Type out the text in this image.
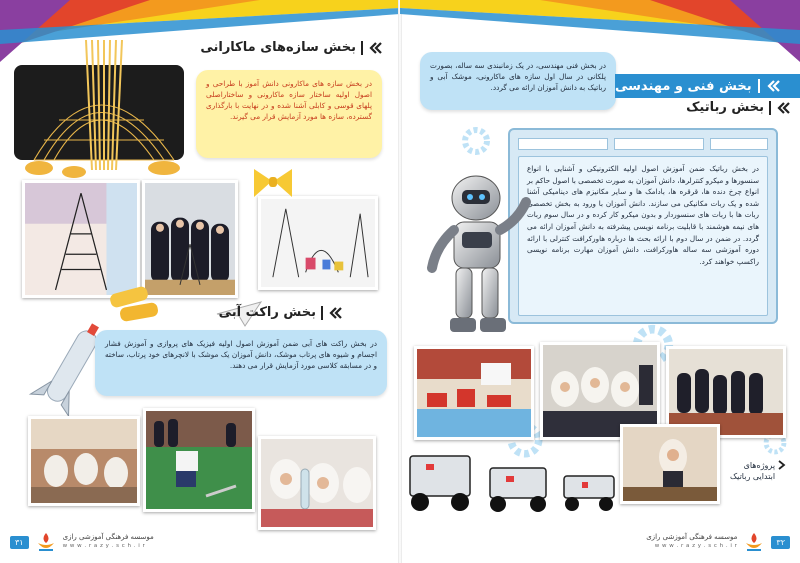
بخش سازه‌های ماکارانی
در بخش سازه های ماکارونی دانش آموز با طراحی و اصول اولیه ساختار سازه ماکارونی و ساختاراصلی پلهای قوسی و کابلی آشنا شده و در نهایت با بارگذاری گسترده، سازه ها مورد آزمایش قرار می گیرند.
بخش راکت آبی
در بخش راکت های آبی ضمن آموزش اصول اولیه فیزیک های پروازی و آموزش فشار اجسام و شیوه های پرتاب موشک، دانش آموزان یک موشک با لانچرهای خود پرتاب، ساخته و در مسابقه کلاسی مورد آزمایش قرار می دهند.
۳۱
موسسه فرهنگی آموزشی رازی
w w w . r a z y . s c h . i r
در بخش فنی مهندسی، در یک زمانبندی سه ساله، بصورت پلکانی در سال اول سازه های ماکارونی، موشک آبی و رباتیک به دانش آموزان ارائه می گردد. بخش فنی و مهندسی
بخش رباتیک
در بخش رباتیک ضمن آموزش اصول اولیه الکترونیکی و آشنایی با انواع سنسورها و میکرو کنترلرها، دانش آموزان به صورت تخصصی با اصول حاکم بر انواع چرخ دنده ها، قرقره ها، بادامک ها و سایر مکانیزم های دینامیکی آشنا شده و یک ربات مکانیکی می سازند. دانش آموزان با ورود به بخش تخصصی ربات ها با ربات های سنسوردار و بدون میکرو کار کرده و در سال سوم ربات های نیمه هوشمند با قابلیت برنامه نویسی پیشرفته به دانش آموزان ارائه می گردد. در ضمن در سال دوم با ارائه بحث ها درباره هاورکرافت کنترلی با ارائه دوره آموزشی سه ساله هاورکرافت، دانش آموزان مهارت برنامه نویسی راکسپ خواهند کرد.
پروژه‌های
ابتدایی رباتیک
موسسه فرهنگی آموزشی رازی
w w w . r a z y . s c h . i r	۳۲
